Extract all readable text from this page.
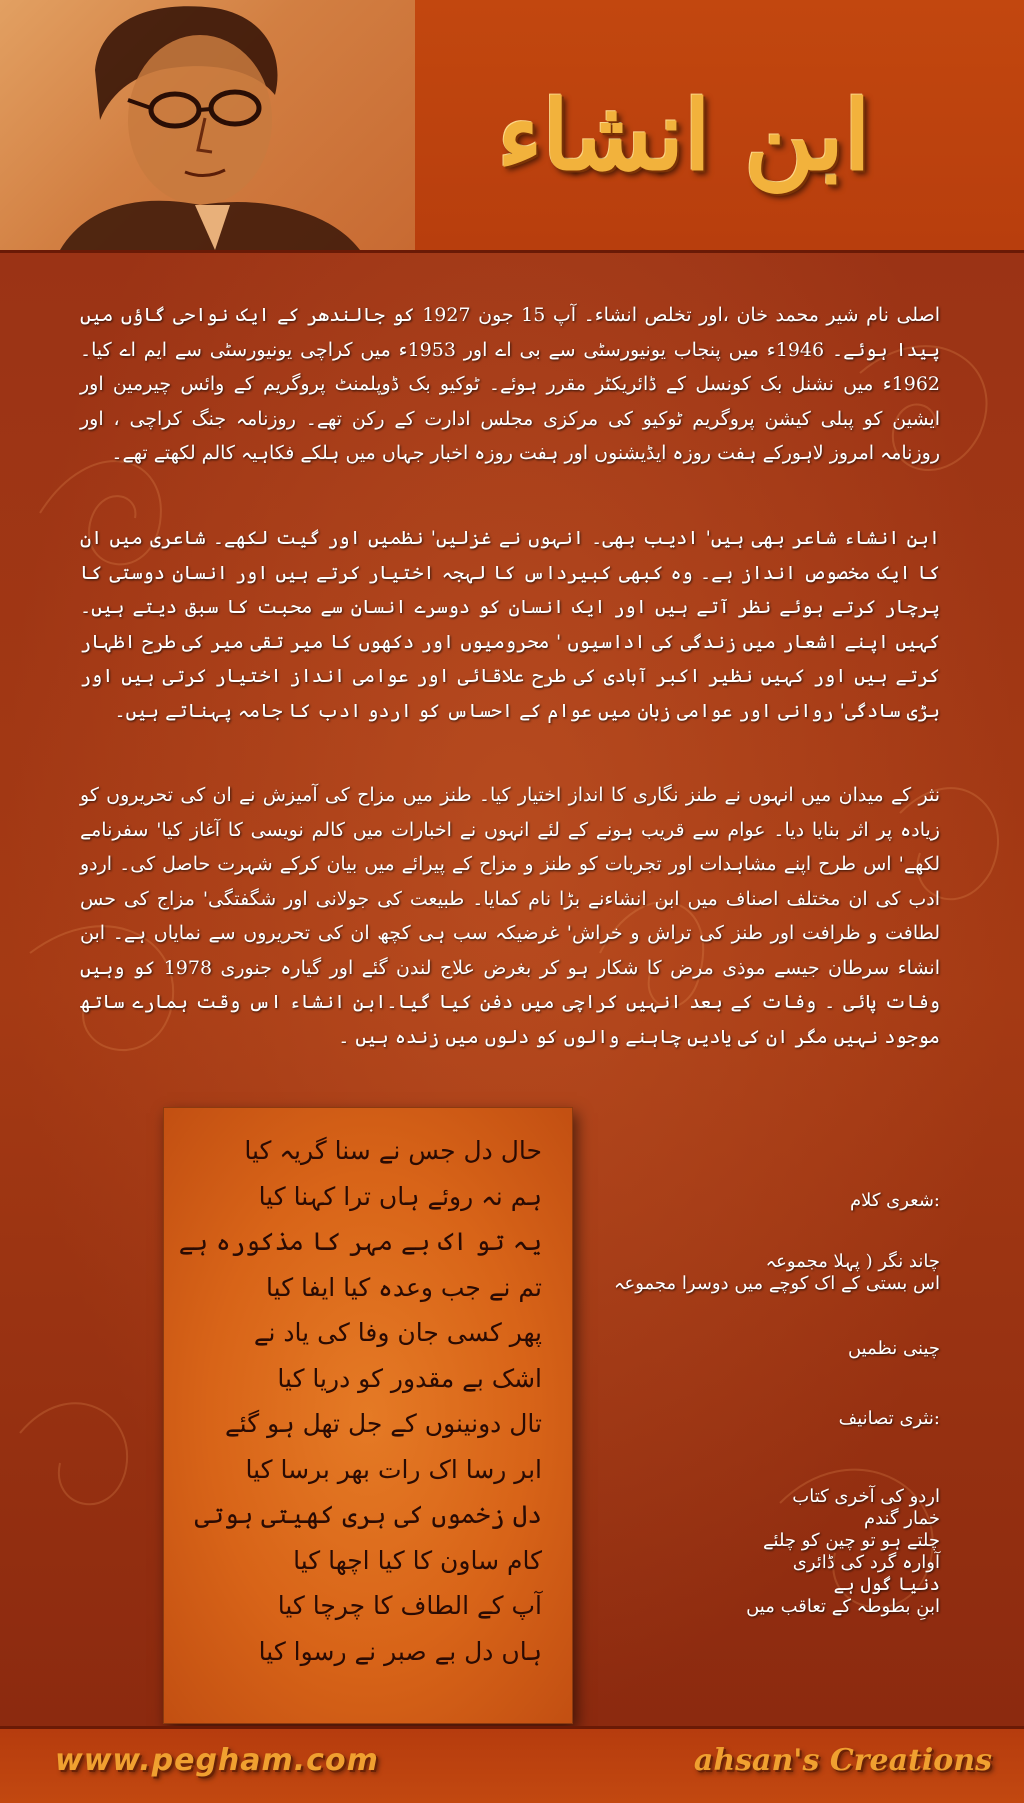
ابن انشاء

اصلی نام شیر محمد خان ،اور تخلص انشاء۔ آپ 15 جون 1927 کو جالندھر کے ایک نواحی گاؤں میں پیدا ہوئے۔ 1946ء میں پنجاب یونیورسٹی سے بی اے اور 1953ء میں کراچی یونیورسٹی سے ایم اے کیا۔ 1962ء میں نشنل بک کونسل کے ڈائریکٹر مقرر ہوئے۔ ٹوکیو بک ڈوپلمنٹ پروگریم کے وائس چیرمین اور ایشین کو پبلی کیشن پروگریم ٹوکیو کی مرکزی مجلس ادارت کے رکن تھے۔ روزنامہ جنگ کراچی ، اور روزنامہ امروز لاہورکے ہفت روزہ ایڈیشنوں اور ہفت روزہ اخبار جہاں میں ہلکے فکاہیہ کالم لکھتے تھے۔

ابنِ انشاء شاعر بھی ہیں' ادیب بھی۔ انہوں نے غزلیں' نظمیں اور گیت لکھے۔ شاعری میں ان کا ایک مخصوص انداز ہے۔ وہ کبھی کبیرداس کا لہجہ اختیار کرتے ہیں اور انسان دوستی کا پرچار کرتے ہوئے نظر آتے ہیں اور ایک انسان کو دوسرے انسان سے محبت کا سبق دیتے ہیں۔ کہیں اپنے اشعار میں زندگی کی اداسیوں ' محرومیوں اور دکھوں کا میر تقی میر کی طرح اظہار کرتے ہیں اور کہیں نظیر اکبر آبادی کی طرح علاقائی اور عوامی انداز اختیار کرتی ہیں اور بڑی سادگی' روانی اور عوامی زبان میں عوام کے احساس کو اردو ادب کا جامہ پہناتے ہیں۔

نثر کے میدان میں انہوں نے طنز نگاری کا انداز اختیار کیا۔ طنز میں مزاح کی آمیزش نے ان کی تحریروں کو زیادہ پر اثر بنایا دیا۔ عوام سے قریب ہونے کے لئے انہوں نے اخبارات میں کالم نویسی کا آغاز کیا' سفرنامے لکھے' اس طرح اپنے مشاہدات اور تجربات کو طنز و مزاح کے پیرائے میں بیان کرکے شہرت حاصل کی۔ اردو ادب کی ان مختلف اصناف میں ابن انشاءنے بڑا نام کمایا۔ طبیعت کی جولانی اور شگفتگی' مزاج کی حس لطافت و ظرافت اور طنز کی تراش و خراش' غرضیکہ سب ہی کچھ ان کی تحریروں سے نمایاں ہے۔ ابن انشاء سرطان جیسے موذی مرض کا شکار ہو کر بغرض علاج لندن گئے اور گیارہ جنوری 1978 کو وہیں وفات پائی ۔ وفات کے بعد انہیں کراچی میں دفن کیا گیا۔ابن انشاء اس وقت ہمارے ساتھ موجود نہیں مگر ان کی یادیں چاہنے والوں کو دلوں میں زندہ ہیں ۔

حال دل جس نے سنا گریہ کیا
ہم نہ روئے ہاں ترا کہنا کیا
یہ تو اک بے مہر کا مذکورہ ہے
تم نے جب وعدہ کیا ایفا کیا
پھر کسی جان وفا کی یاد نے
اشک بے مقدور کو دریا کیا
تال دونینوں کے جل تھل ہو گئے
ابر رسا اک رات بھر برسا کیا
دل زخموں کی ہری کھیتی ہوتی
کام ساون کا کیا اچھا کیا
آپ کے الطاف کا چرچا کیا
ہاں دل بے صبر نے رسوا کیا
:شعری کلام
چاند نگر ( پہلا مجموعہ
اس بستی کے اک کوچے میں دوسرا مجموعہ
چینی نظمیں
:نثری تصانیف
اردو کی آخری کتاب
خمار گندم
چلتے ہو تو چین کو چلئے
آوارہ گرد کی ڈائری
دنیا گول ہے
ابنِ بطوطہ کے تعاقب میں
www.pegham.com	ahsan's Creations
